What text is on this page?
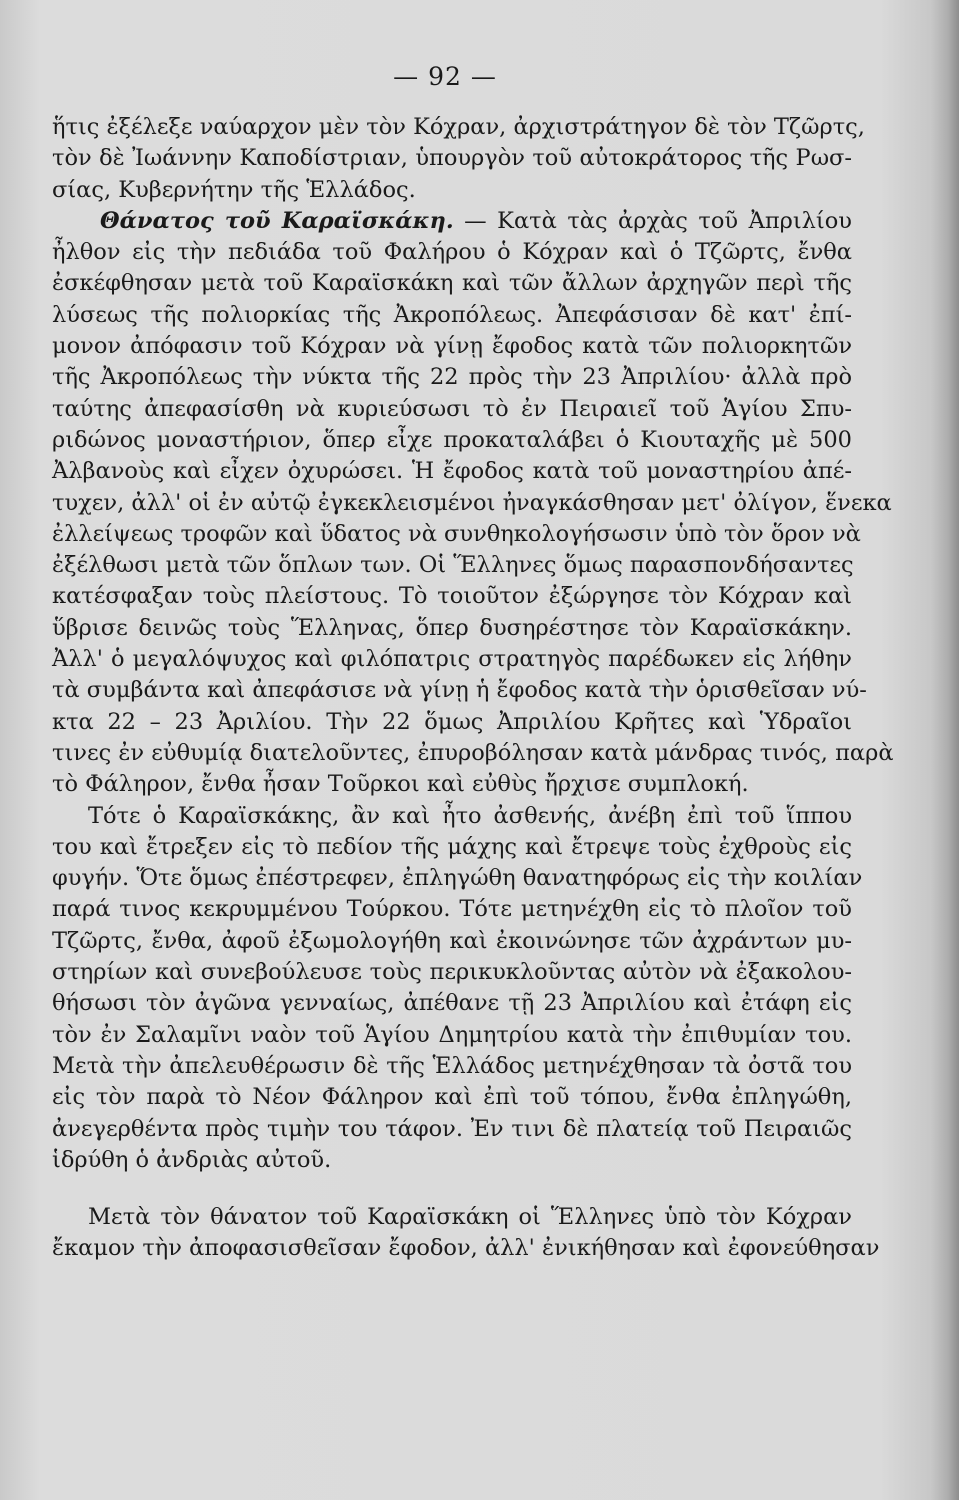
— 92 —
ἥτις ἐξέλεξε ναύαρχον μὲν τὸν Κόχραν, ἀρχιστράτηγον δὲ τὸν Τζῶρτς,
τὸν δὲ Ἰωάννην Καποδίστριαν, ὑπουργὸν τοῦ αὐτοκράτορος τῆς Ρωσ-
σίας, Κυβερνήτην τῆς Ἑλλάδος.
Θάνατος τοῦ Καραϊσκάκη. — Κατὰ τὰς ἀρχὰς τοῦ Ἀπριλίου
ἦλθον εἰς τὴν πεδιάδα τοῦ Φαλήρου ὁ Κόχραν καὶ ὁ Τζῶρτς, ἔνθα
ἐσκέφθησαν μετὰ τοῦ Καραϊσκάκη καὶ τῶν ἄλλων ἀρχηγῶν περὶ τῆς
λύσεως τῆς πολιορκίας τῆς Ἀκροπόλεως. Ἀπεφάσισαν δὲ κατ' ἐπί-
μονον ἀπόφασιν τοῦ Κόχραν νὰ γίνῃ ἔφοδος κατὰ τῶν πολιορκητῶν
τῆς Ἀκροπόλεως τὴν νύκτα τῆς 22 πρὸς τὴν 23 Ἀπριλίου· ἀλλὰ πρὸ
ταύτης ἀπεφασίσθη νὰ κυριεύσωσι τὸ ἐν Πειραιεῖ τοῦ Ἁγίου Σπυ-
ριδώνος μοναστήριον, ὅπερ εἶχε προκαταλάβει ὁ Κιουταχῆς μὲ 500
Ἀλβανοὺς καὶ εἶχεν ὀχυρώσει. Ἡ ἔφοδος κατὰ τοῦ μοναστηρίου ἀπέ-
τυχεν, ἀλλ' οἱ ἐν αὐτῷ ἐγκεκλεισμένοι ἠναγκάσθησαν μετ' ὀλίγον, ἕνεκα
ἐλλείψεως τροφῶν καὶ ὕδατος νὰ συνθηκολογήσωσιν ὑπὸ τὸν ὅρον νὰ
ἐξέλθωσι μετὰ τῶν ὅπλων των. Οἱ Ἕλληνες ὅμως παρασπονδήσαντες
κατέσφαξαν τοὺς πλείστους. Τὸ τοιοῦτον ἐξώργησε τὸν Κόχραν καὶ
ὕβρισε δεινῶς τοὺς Ἕλληνας, ὅπερ δυσηρέστησε τὸν Καραϊσκάκην.
Ἀλλ' ὁ μεγαλόψυχος καὶ φιλόπατρις στρατηγὸς παρέδωκεν εἰς λήθην
τὰ συμβάντα καὶ ἀπεφάσισε νὰ γίνῃ ἡ ἔφοδος κατὰ τὴν ὁρισθεῖσαν νύ-
κτα 22 – 23 Ἀριλίου. Τὴν 22 ὅμως Ἀπριλίου Κρῆτες καὶ Ὑδραῖοι
τινες ἐν εὐθυμίᾳ διατελοῦντες, ἐπυροβόλησαν κατὰ μάνδρας τινός, παρὰ
τὸ Φάληρον, ἔνθα ἦσαν Τοῦρκοι καὶ εὐθὺς ἤρχισε συμπλοκή.
Τότε ὁ Καραϊσκάκης, ἂν καὶ ἦτο ἀσθενής, ἀνέβη ἐπὶ τοῦ ἵππου
του καὶ ἔτρεξεν εἰς τὸ πεδίον τῆς μάχης καὶ ἔτρεψε τοὺς ἐχθροὺς εἰς
φυγήν. Ὅτε ὅμως ἐπέστρεφεν, ἐπληγώθη θανατηφόρως εἰς τὴν κοιλίαν
παρά τινος κεκρυμμένου Τούρκου. Τότε μετηνέχθη εἰς τὸ πλοῖον τοῦ
Τζῶρτς, ἔνθα, ἀφοῦ ἐξωμολογήθη καὶ ἐκοινώνησε τῶν ἀχράντων μυ-
στηρίων καὶ συνεβούλευσε τοὺς περικυκλοῦντας αὐτὸν νὰ ἐξακολου-
θήσωσι τὸν ἀγῶνα γενναίως, ἀπέθανε τῇ 23 Ἀπριλίου καὶ ἐτάφη εἰς
τὸν ἐν Σαλαμῖνι ναὸν τοῦ Ἁγίου Δημητρίου κατὰ τὴν ἐπιθυμίαν του.
Μετὰ τὴν ἀπελευθέρωσιν δὲ τῆς Ἑλλάδος μετηνέχθησαν τὰ ὀστᾶ του
εἰς τὸν παρὰ τὸ Νέον Φάληρον καὶ ἐπὶ τοῦ τόπου, ἔνθα ἐπληγώθη,
ἀνεγερθέντα πρὸς τιμὴν του τάφον. Ἐν τινι δὲ πλατείᾳ τοῦ Πειραιῶς
ἱδρύθη ὁ ἀνδριὰς αὐτοῦ.
Μετὰ τὸν θάνατον τοῦ Καραϊσκάκη οἱ Ἕλληνες ὑπὸ τὸν Κόχραν
ἔκαμον τὴν ἀποφασισθεῖσαν ἔφοδον, ἀλλ' ἐνικήθησαν καὶ ἐφονεύθησαν
